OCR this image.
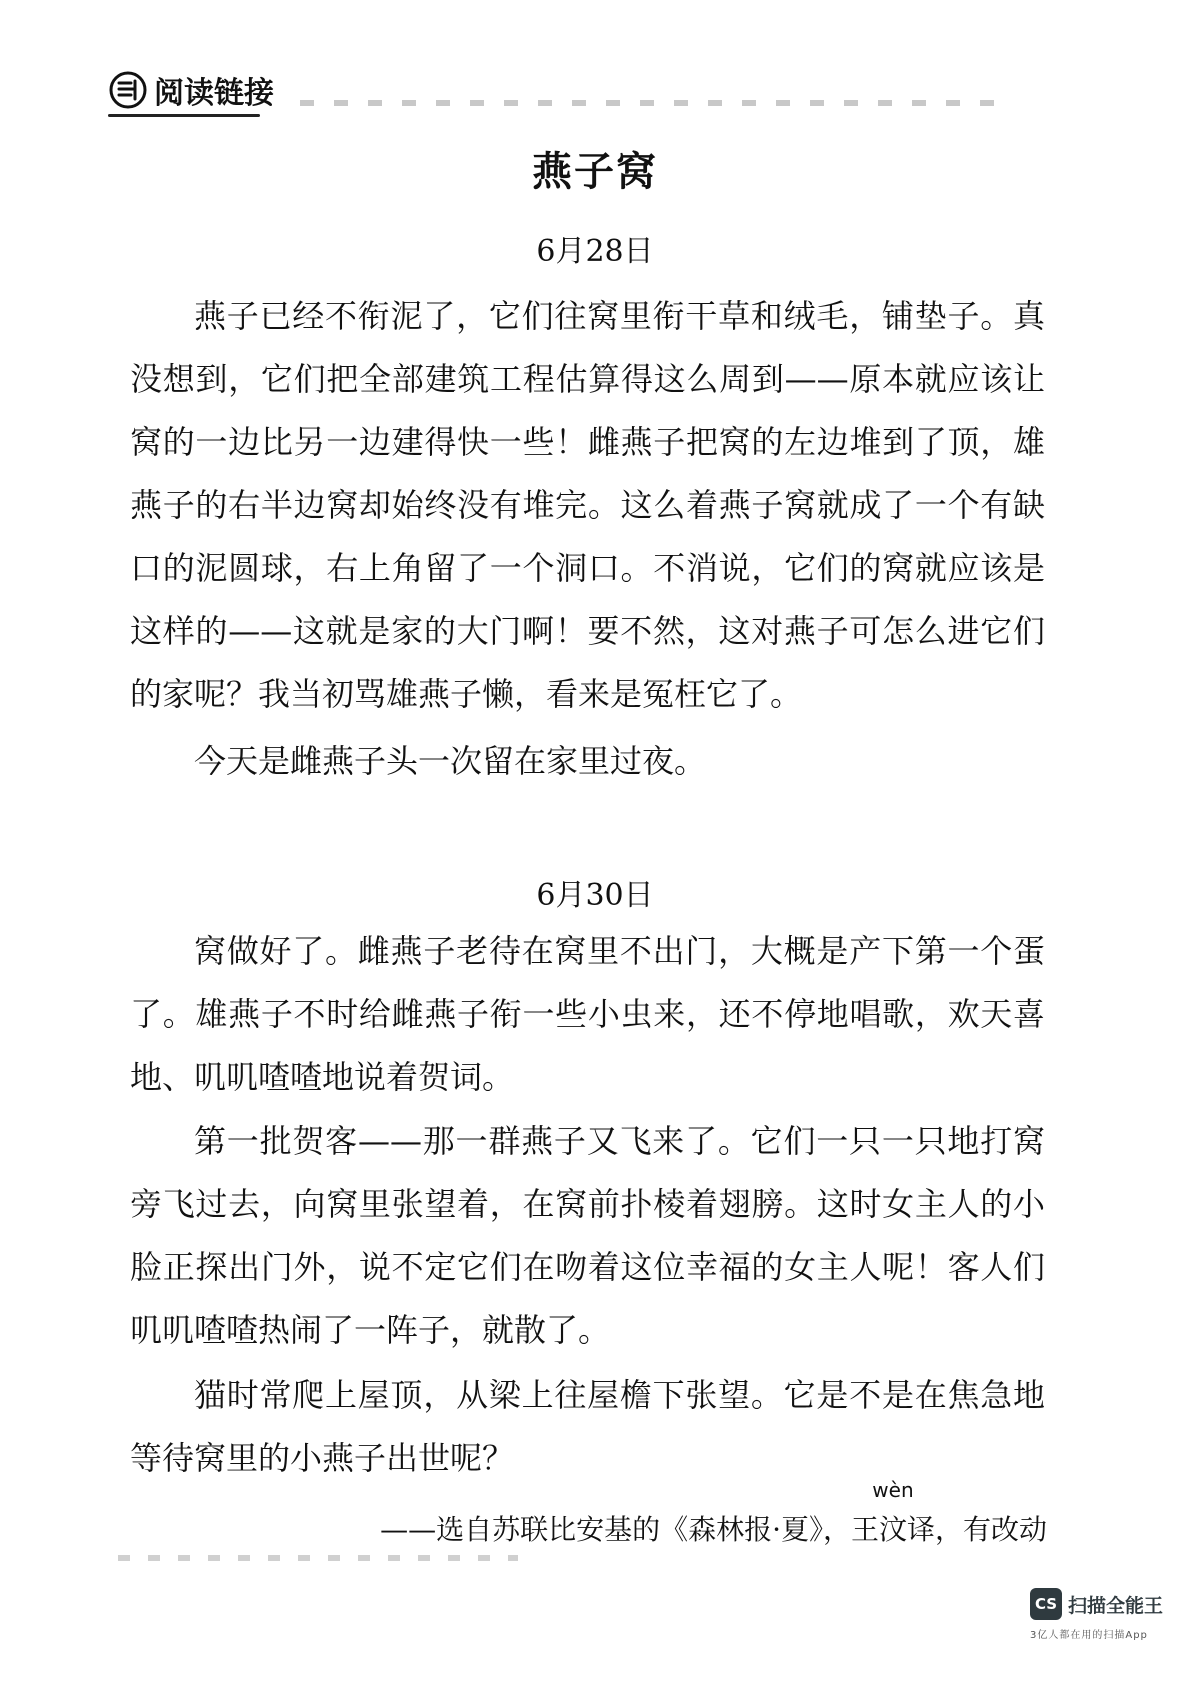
阅读链接
燕子窝

6月28日

燕子已经不衔泥了，它们往窝里衔干草和绒毛，铺垫子。真没想到，它们把全部建筑工程估算得这么周到——原本就应该让窝的一边比另一边建得快一些！雌燕子把窝的左边堆到了顶，雄燕子的右半边窝却始终没有堆完。这么着燕子窝就成了一个有缺口的泥圆球，右上角留了一个洞口。不消说，它们的窝就应该是这样的——这就是家的大门啊！要不然，这对燕子可怎么进它们的家呢？我当初骂雄燕子懒，看来是冤枉它了。

今天是雌燕子头一次留在家里过夜。

6月30日

窝做好了。雌燕子老待在窝里不出门，大概是产下第一个蛋了。雄燕子不时给雌燕子衔一些小虫来，还不停地唱歌，欢天喜地、叽叽喳喳地说着贺词。

第一批贺客——那一群燕子又飞来了。它们一只一只地打窝旁飞过去，向窝里张望着，在窝前扑棱着翅膀。这时女主人的小脸正探出门外，说不定它们在吻着这位幸福的女主人呢！客人们叽叽喳喳热闹了一阵子，就散了。

猫时常爬上屋顶，从梁上往屋檐下张望。它是不是在焦急地等待窝里的小燕子出世呢？

——选自苏联比安基的《森林报·夏》，王
wèn
汶译，有改动

CS 扫描全能王
3亿人都在用的扫描App
